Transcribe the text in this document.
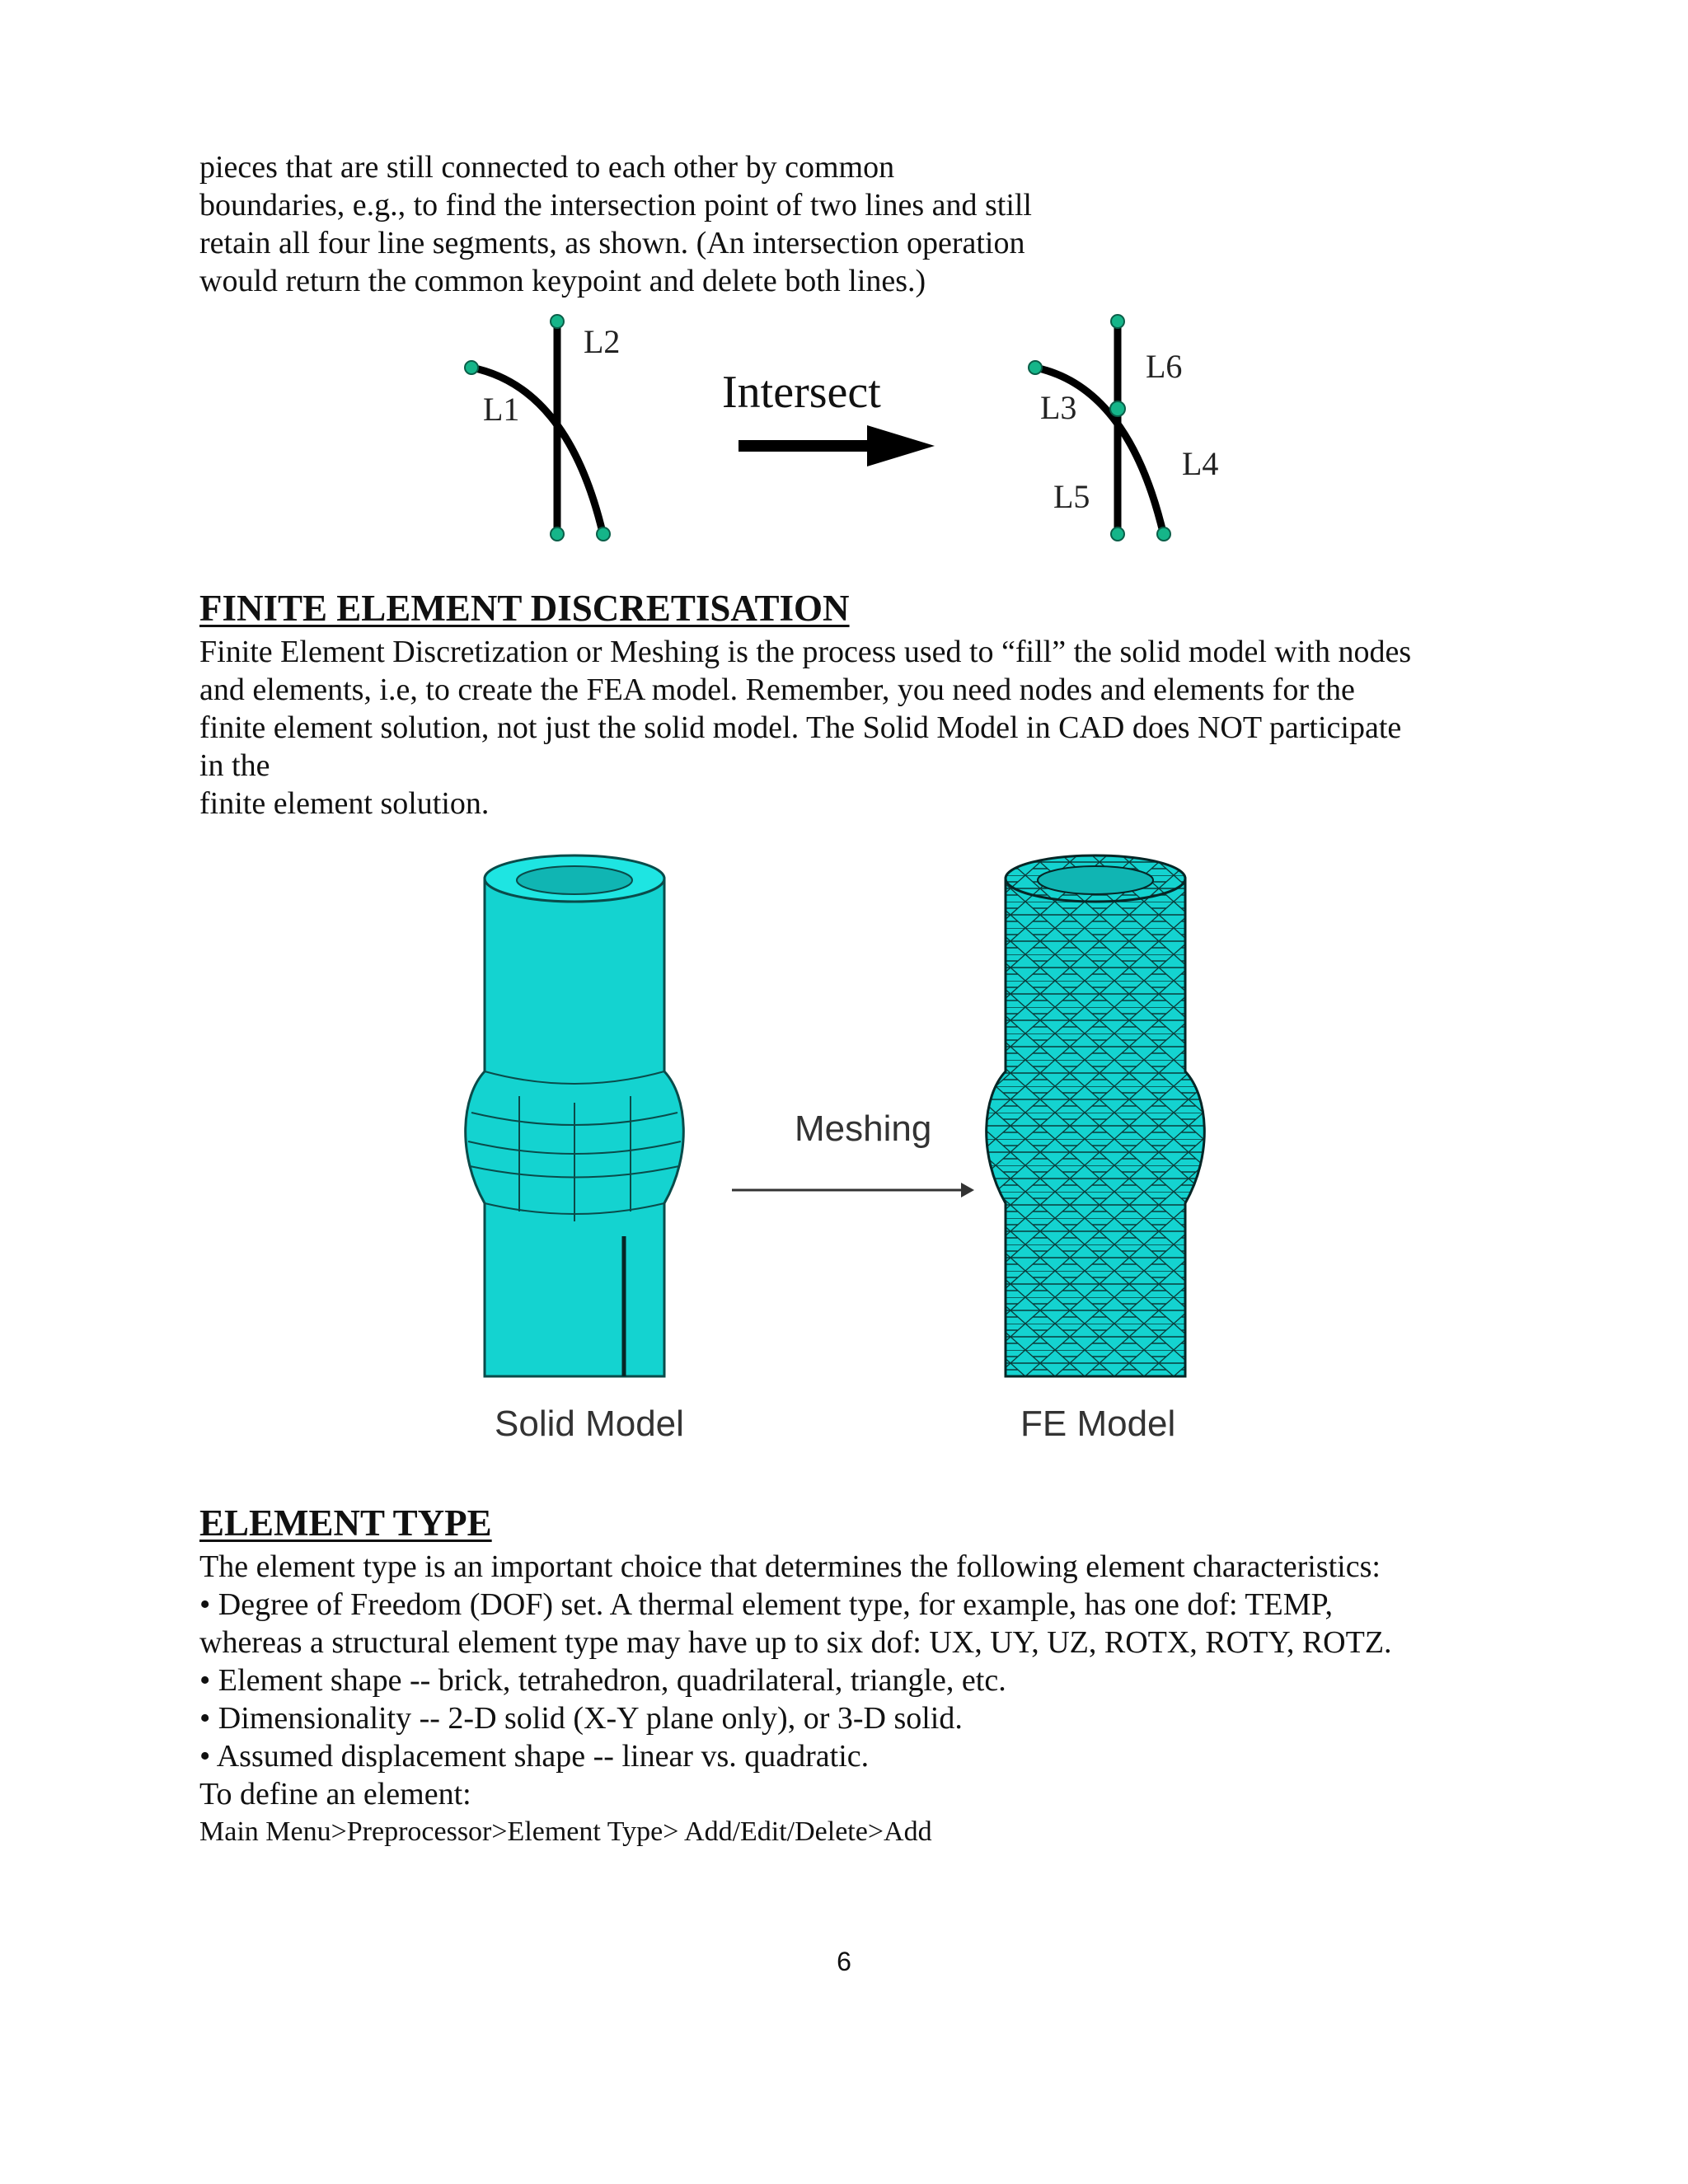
pieces that are still connected to each other by common
boundaries, e.g., to find the intersection point of two lines and still
retain all four line segments, as shown. (An intersection operation
would return the common keypoint and delete both lines.)
L2
L1	Intersect
L6
L3
L4
L5
FINITE ELEMENT DISCRETISATION
Finite Element Discretization or Meshing is the process used to “fill” the solid model with nodes
and elements, i.e, to create the FEA model. Remember, you need nodes and elements for the
finite element solution, not just the solid model. The Solid Model in CAD does NOT participate
in the
finite element solution.
Solid Model
Meshing
FE Model
ELEMENT TYPE
The element type is an important choice that determines the following element characteristics:
• Degree of Freedom (DOF) set. A thermal element type, for example, has one dof: TEMP,
whereas a structural element type may have up to six dof: UX, UY, UZ, ROTX, ROTY, ROTZ.
• Element shape -- brick, tetrahedron, quadrilateral, triangle, etc.
• Dimensionality -- 2-D solid (X-Y plane only), or 3-D solid.
• Assumed displacement shape -- linear vs. quadratic.
To define an element:
Main Menu>Preprocessor>Element Type> Add/Edit/Delete>Add
6
